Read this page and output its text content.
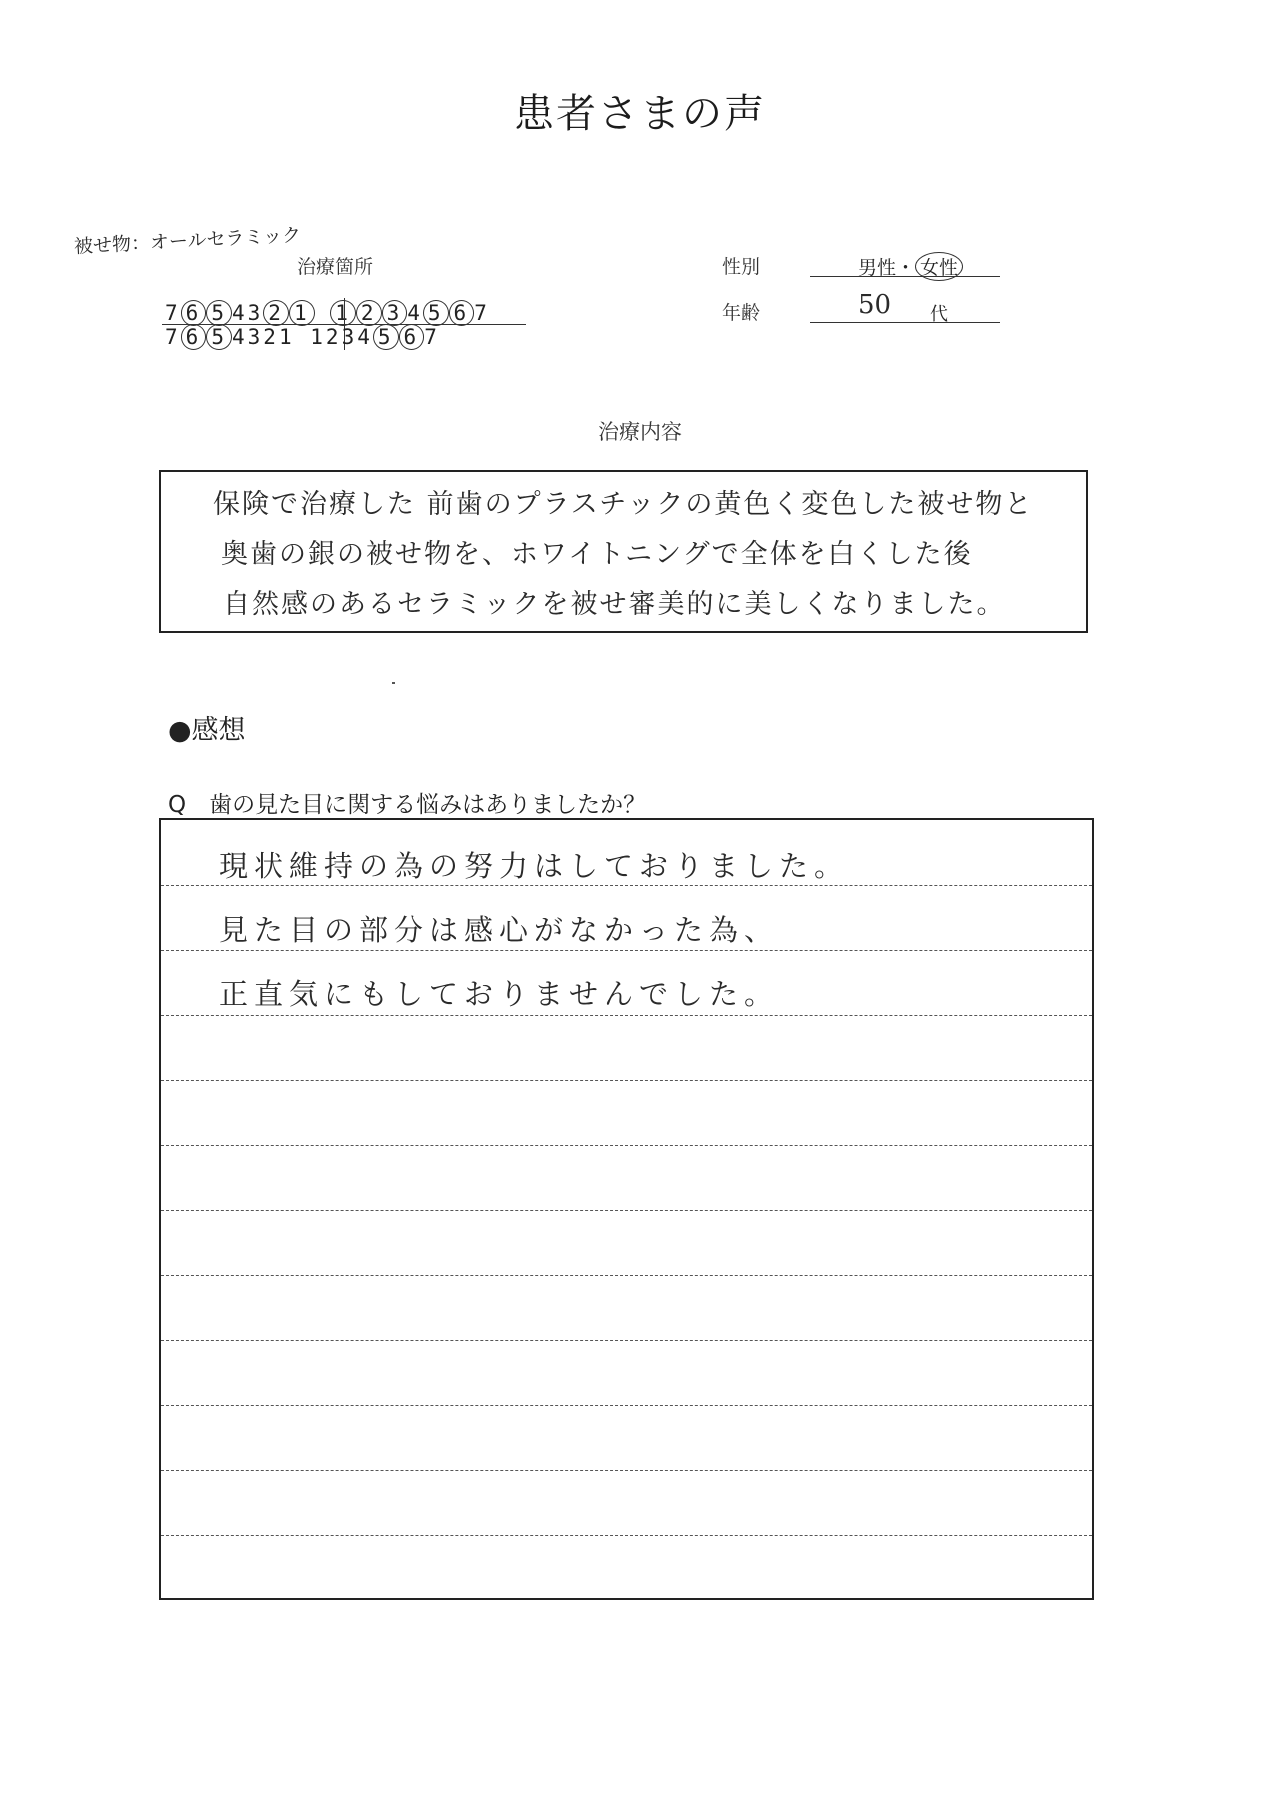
患者さまの声
被せ物：オールセラミック
治療箇所
7 6 5 43 2 1 1 2 3 4 5 6 7
7 6 5 4321 1234 5 6 7
性別	男性・ 女性
年齢	50 代
治療内容
保険で治療した 前歯のプラスチックの黄色く変色した被せ物と
奥歯の銀の被せ物を、ホワイトニングで全体を白くした後
自然感のあるセラミックを被せ審美的に美しくなりました。
●感想
Q　歯の見た目に関する悩みはありましたか？
現状維持の為の努力はしておりました。
見た目の部分は感心がなかった為、
正直気にもしておりませんでした。
